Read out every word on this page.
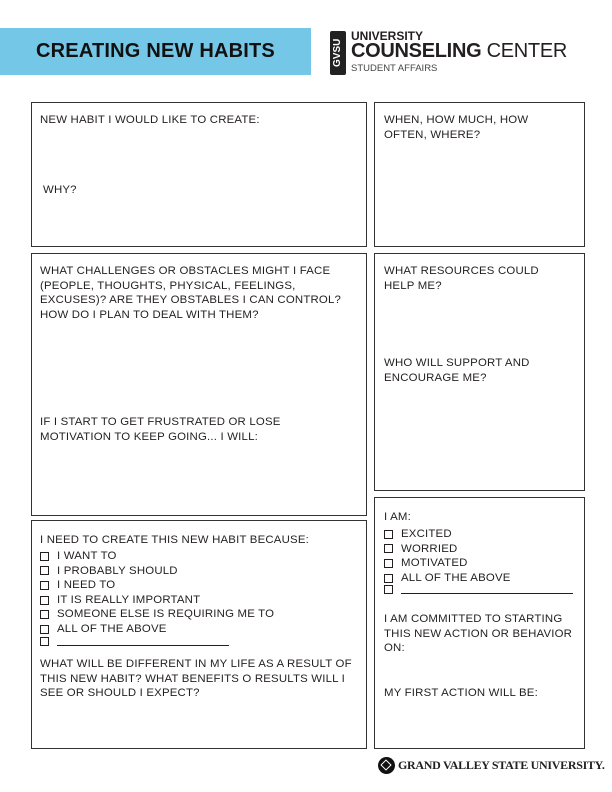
CREATING NEW HABITS	GVSU
UNIVERSITY
COUNSELING CENTER
STUDENT AFFAIRS
NEW HABIT I WOULD LIKE TO CREATE:
WHY?
WHEN, HOW MUCH, HOW OFTEN, WHERE?
WHAT CHALLENGES OR OBSTACLES MIGHT I FACE (PEOPLE, THOUGHTS, PHYSICAL, FEELINGS, EXCUSES)? ARE THEY OBSTABLES I CAN CONTROL? HOW DO I PLAN TO DEAL WITH THEM?
IF I START TO GET FRUSTRATED OR LOSE MOTIVATION TO KEEP GOING... I WILL:
WHAT RESOURCES COULD HELP ME?
WHO WILL SUPPORT AND ENCOURAGE ME?
I NEED TO CREATE THIS NEW HABIT BECAUSE:
I WANT TO
I PROBABLY SHOULD
I NEED TO
IT IS REALLY IMPORTANT
SOMEONE ELSE IS REQUIRING ME TO
ALL OF THE ABOVE
WHAT WILL BE DIFFERENT IN MY LIFE AS A RESULT OF THIS NEW HABIT? WHAT BENEFITS O RESULTS WILL I SEE OR SHOULD I EXPECT?
I AM:
EXCITED
WORRIED
MOTIVATED
ALL OF THE ABOVE
I AM COMMITTED TO STARTING THIS NEW ACTION OR BEHAVIOR ON:
MY FIRST ACTION WILL BE:
GRAND VALLEY STATE UNIVERSITY.
